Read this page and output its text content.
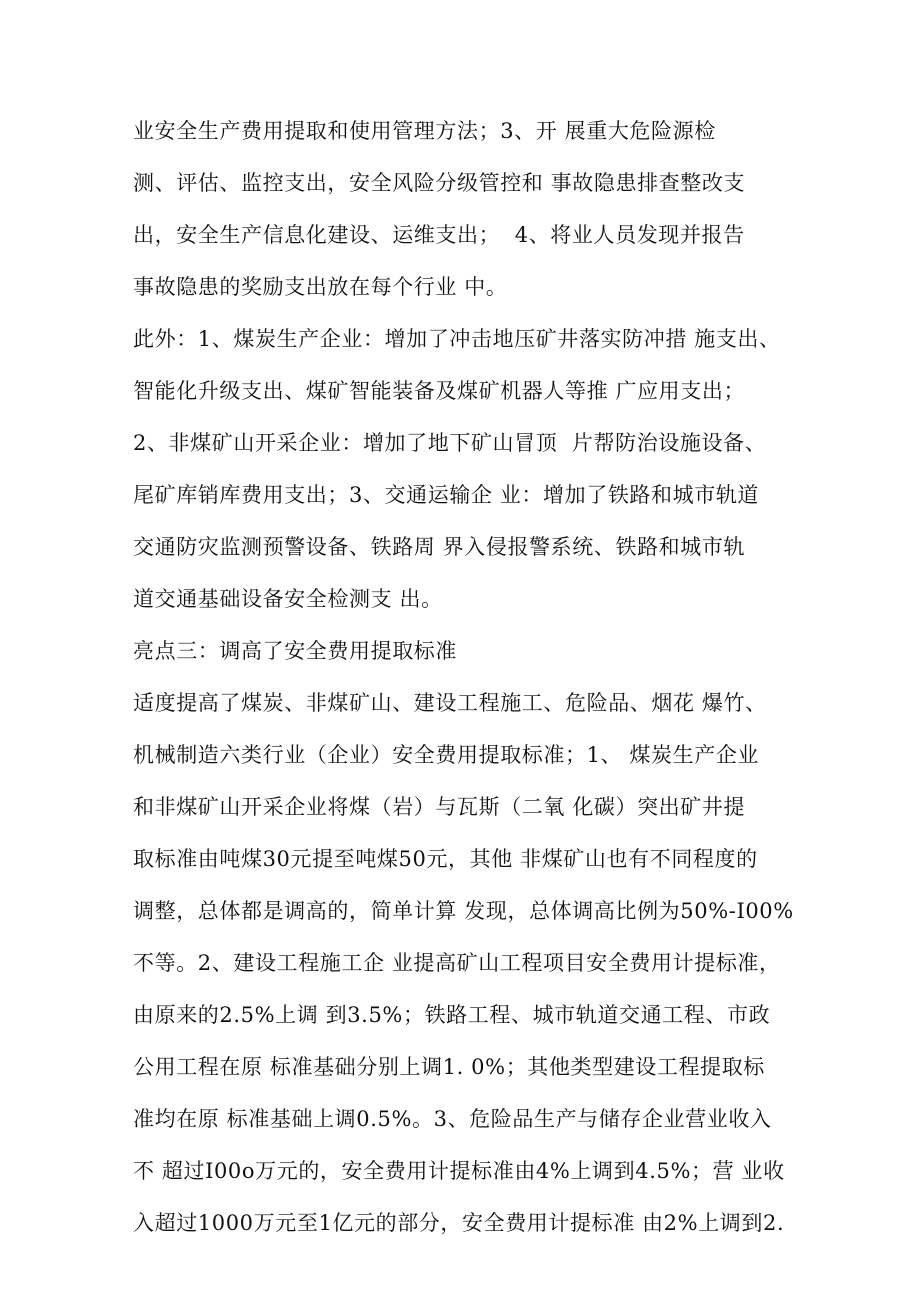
业安全生产费用提取和使用管理方法；3、开 展重大危险源检
测、评估、监控支出，安全风险分级管控和 事故隐患排查整改支
出，安全生产信息化建设、运维支出；  4、将业人员发现并报告
事故隐患的奖励支出放在每个行业 中。
此外：1、煤炭生产企业：增加了冲击地压矿井落实防冲措 施支出、
智能化升级支出、煤矿智能装备及煤矿机器人等推 广应用支出；
2、非煤矿山开采企业：增加了地下矿山冒顶  片帮防治设施设备、
尾矿库销库费用支出；3、交通运输企 业：增加了铁路和城市轨道
交通防灾监测预警设备、铁路周 界入侵报警系统、铁路和城市轨
道交通基础设备安全检测支 出。
亮点三：调高了安全费用提取标准
适度提高了煤炭、非煤矿山、建设工程施工、危险品、烟花 爆竹、
机械制造六类行业（企业）安全费用提取标准；1、 煤炭生产企业
和非煤矿山开采企业将煤（岩）与瓦斯（二氧 化碳）突出矿井提
取标准由吨煤30元提至吨煤50元，其他 非煤矿山也有不同程度的
调整，总体都是调高的，简单计算 发现，总体调高比例为50%-I00%
不等。2、建设工程施工企 业提高矿山工程项目安全费用计提标准，
由原来的2.5%上调 到3.5%；铁路工程、城市轨道交通工程、市政
公用工程在原 标准基础分别上调1. 0%；其他类型建设工程提取标
准均在原 标准基础上调0.5%。3、危险品生产与储存企业营业收入
不 超过I00o万元的，安全费用计提标准由4%上调到4.5%；营 业收
入超过1000万元至1亿元的部分，安全费用计提标准 由2%上调到2.
